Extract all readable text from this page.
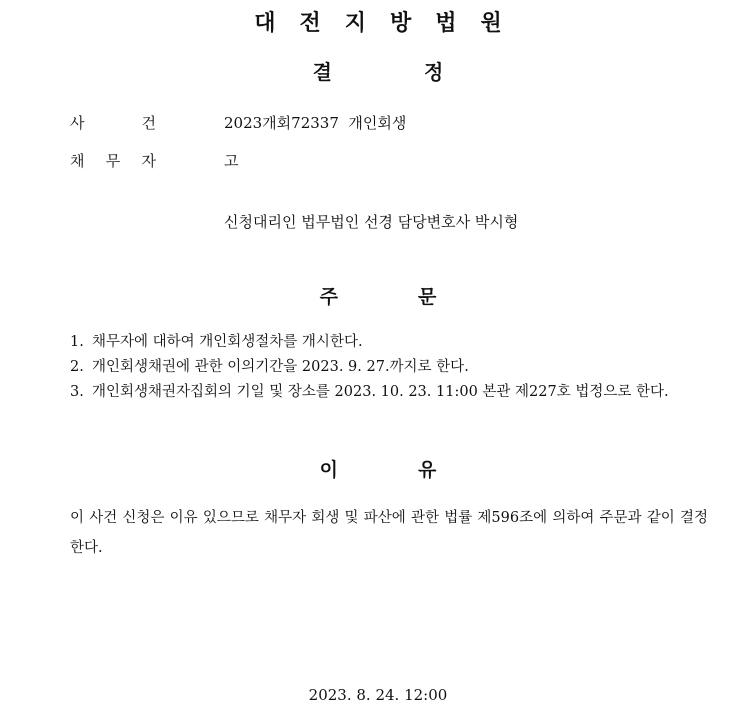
대전지방법원
결정
사	건	2023개회72337  개인회생
채 무 자	고
신청대리인 법무법인 선경 담당변호사 박시형
주문
1. 채무자에 대하여 개인회생절차를 개시한다.
2. 개인회생채권에 관한 이의기간을 2023. 9. 27.까지로 한다.
3. 개인회생채권자집회의 기일 및 장소를 2023. 10. 23. 11:00 본관 제227호 법정으로 한다.
이유

이 사건 신청은 이유 있으므로 채무자 회생 및 파산에 관한 법률 제596조에 의하여 주문과 같이 결정한다.

2023. 8. 24. 12:00
